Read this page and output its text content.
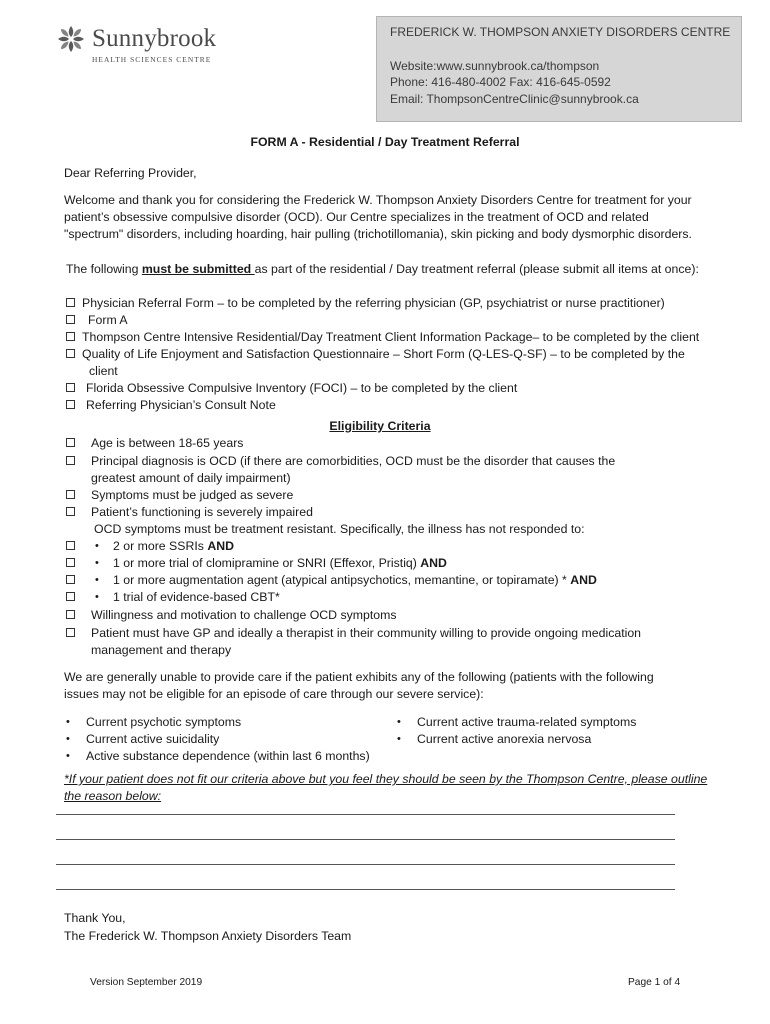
Sunnybrook
HEALTH SCIENCES CENTRE
FREDERICK W. THOMPSON ANXIETY DISORDERS CENTRE
Website:www.sunnybrook.ca/thompson
Phone: 416-480-4002 Fax: 416-645-0592
Email: ThompsonCentreClinic@sunnybrook.ca
FORM A - Residential / Day Treatment Referral
Dear Referring Provider,
Welcome and thank you for considering the Frederick W. Thompson Anxiety Disorders Centre for treatment for your
patient’s obsessive compulsive disorder (OCD). Our Centre specializes in the treatment of OCD and related
"spectrum" disorders, including hoarding, hair pulling (trichotillomania), skin picking and body dysmorphic disorders.
The following must be submitted as part of the residential / Day treatment referral (please submit all items at once):
Physician Referral Form – to be completed by the referring physician (GP, psychiatrist or nurse practitioner)
Form A
Thompson Centre Intensive Residential/Day Treatment Client Information Package– to be completed by the client
Quality of Life Enjoyment and Satisfaction Questionnaire – Short Form (Q-LES-Q-SF) – to be completed by the
client
Florida Obsessive Compulsive Inventory (FOCI) – to be completed by the client
Referring Physician’s Consult Note
Eligibility Criteria
Age is between 18-65 years
Principal diagnosis is OCD (if there are comorbidities, OCD must be the disorder that causes the
greatest amount of daily impairment)
Symptoms must be judged as severe
Patient’s functioning is severely impaired
OCD symptoms must be treatment resistant. Specifically, the illness has not responded to:
• 2 or more SSRIs AND
• 1 or more trial of clomipramine or SNRI (Effexor, Pristiq) AND
• 1 or more augmentation agent (atypical antipsychotics, memantine, or topiramate) * AND
• 1 trial of evidence-based CBT*
Willingness and motivation to challenge OCD symptoms
Patient must have GP and ideally a therapist in their community willing to provide ongoing medication
management and therapy
We are generally unable to provide care if the patient exhibits any of the following (patients with the following
issues may not be eligible for an episode of care through our severe service):
• Current psychotic symptoms
• Current active suicidality
• Active substance dependence (within last 6 months)
• Current active trauma-related symptoms
• Current active anorexia nervosa
*If your patient does not fit our criteria above but you feel they should be seen by the Thompson Centre, please outline
the reason below:
Thank You,
The Frederick W. Thompson Anxiety Disorders Team
Version September 2019	Page 1 of 4
